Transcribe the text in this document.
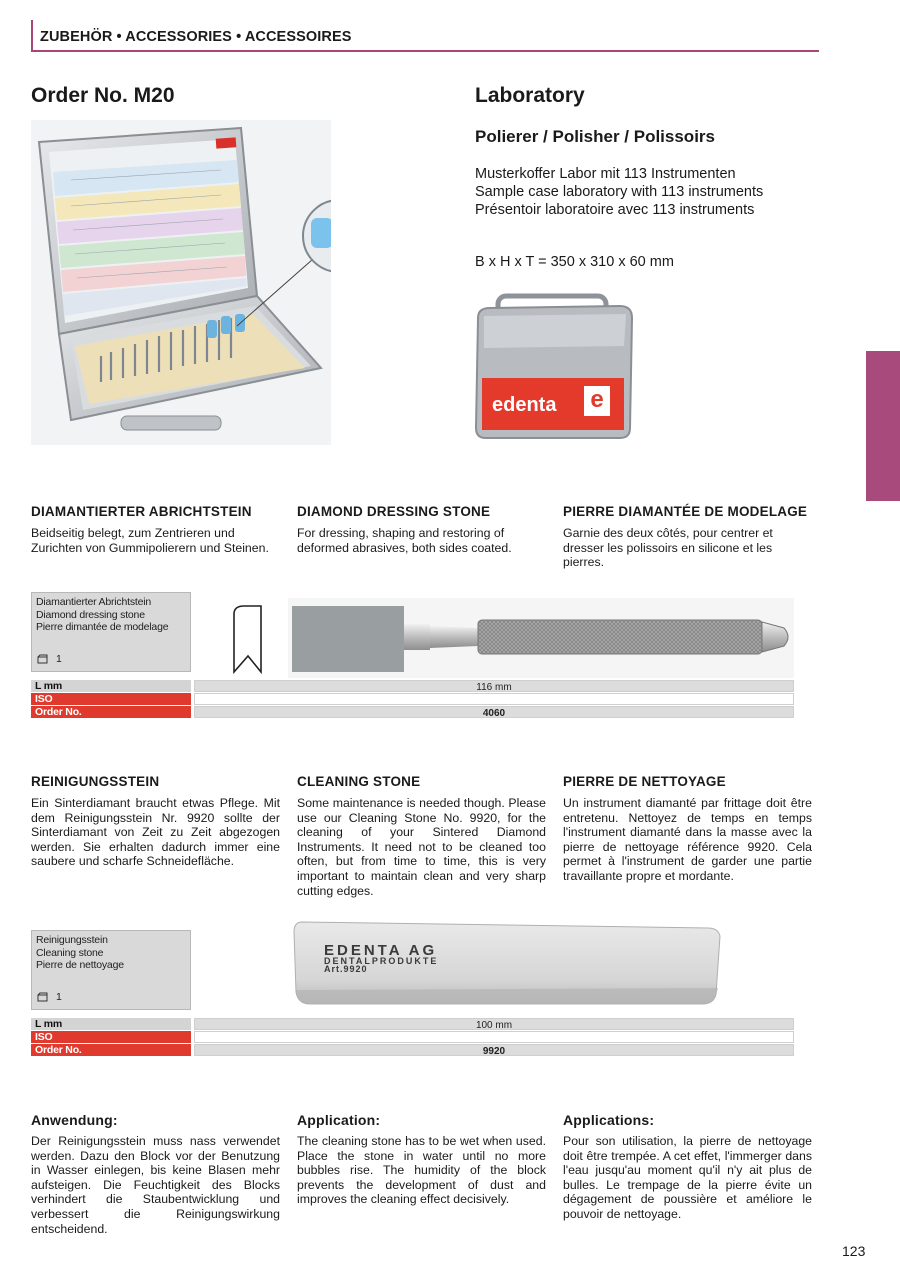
ZUBEHÖR • ACCESSORIES • ACCESSOIRES
Order No. M20	Laboratory
Polierer / Polisher / Polissoirs
Musterkoffer Labor mit 113 Instrumenten
Sample case laboratory with 113 instruments
Présentoir laboratoire avec 113 instruments
B x H x T = 350 x 310 x 60 mm
edenta e
DIAMANTIERTER ABRICHTSTEIN	DIAMOND DRESSING STONE	PIERRE DIAMANTÉE DE MODELAGE
Beidseitig belegt, zum Zentrieren und Zurichten von Gummipolierern und Steinen.
For dressing, shaping and restoring of deformed abrasives, both sides coated.
Garnie des deux côtés, pour centrer et dresser les polissoirs en silicone et les pierres.
Diamantierter Abrichtstein
Diamond dressing stone
Pierre dimantée de modelage
1
L mm	116 mm
ISO
Order No.	4060
REINIGUNGSSTEIN	CLEANING STONE	PIERRE DE NETTOYAGE
Ein Sinterdiamant braucht etwas Pflege. Mit dem Reinigungsstein Nr. 9920 sollte der Sinterdiamant von Zeit zu Zeit abgezogen werden. Sie erhalten dadurch immer eine saubere und scharfe Schneidefläche.
Some maintenance is needed though. Please use our Cleaning Stone No. 9920, for the cleaning of your Sintered Diamond Instruments. It need not to be cleaned too often, but from time to time, this is very important to maintain clean and very sharp cutting edges.
Un instrument diamanté par frittage doit être entretenu. Nettoyez de temps en temps l'instrument diamanté dans la masse avec la pierre de nettoyage référence 9920. Cela permet à l'instrument de garder une partie travaillante propre et mordante.
Reinigungsstein
Cleaning stone
Pierre de nettoyage
1
EDENTA AG
DENTALPRODUKTE
Art.9920
L mm	100 mm
ISO
Order No.	9920
Anwendung:	Application:	Applications:
Der Reinigungsstein muss nass verwendet werden. Dazu den Block vor der Benutzung in Wasser einlegen, bis keine Blasen mehr aufsteigen. Die Feuchtigkeit des Blocks verhindert die Staubentwicklung und verbessert die Reinigungswirkung entscheidend.
The cleaning stone has to be wet when used. Place the stone in water until no more bubbles rise. The humidity of the block prevents the development of dust and improves the cleaning effect decisively.
Pour son utilisation, la pierre de nettoyage doit être trempée. A cet effet, l'immerger dans l'eau jusqu'au moment qu'il n'y ait plus de bulles. Le trempage de la pierre évite un dégagement de poussière et améliore le pouvoir de nettoyage.
123
